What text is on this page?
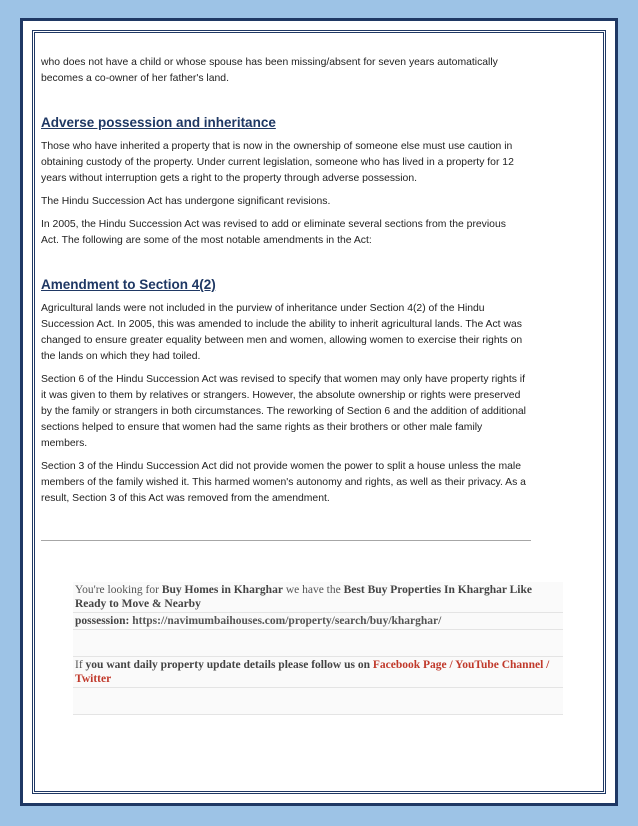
who does not have a child or whose spouse has been missing/absent for seven years automatically becomes a co-owner of her father's land.

Adverse possession and inheritance

Those who have inherited a property that is now in the ownership of someone else must use caution in obtaining custody of the property. Under current legislation, someone who has lived in a property for 12 years without interruption gets a right to the property through adverse possession.

The Hindu Succession Act has undergone significant revisions.

In 2005, the Hindu Succession Act was revised to add or eliminate several sections from the previous Act. The following are some of the most notable amendments in the Act:

Amendment to Section 4(2)

Agricultural lands were not included in the purview of inheritance under Section 4(2) of the Hindu Succession Act. In 2005, this was amended to include the ability to inherit agricultural lands. The Act was changed to ensure greater equality between men and women, allowing women to exercise their rights on the lands on which they had toiled.

Section 6 of the Hindu Succession Act was revised to specify that women may only have property rights if it was given to them by relatives or strangers. However, the absolute ownership or rights were preserved by the family or strangers in both circumstances. The reworking of Section 6 and the addition of additional sections helped to ensure that women had the same rights as their brothers or other male family members.

Section 3 of the Hindu Succession Act did not provide women the power to split a house unless the male members of the family wished it. This harmed women's autonomy and rights, as well as their privacy. As a result, Section 3 of this Act was removed from the amendment.

You're looking for Buy Homes in Kharghar we have the Best Buy Properties In Kharghar Like Ready to Move & Nearby
possession: https://navimumbaihouses.com/property/search/buy/kharghar/
If you want daily property update details please follow us on Facebook Page / YouTube Channel / Twitter
